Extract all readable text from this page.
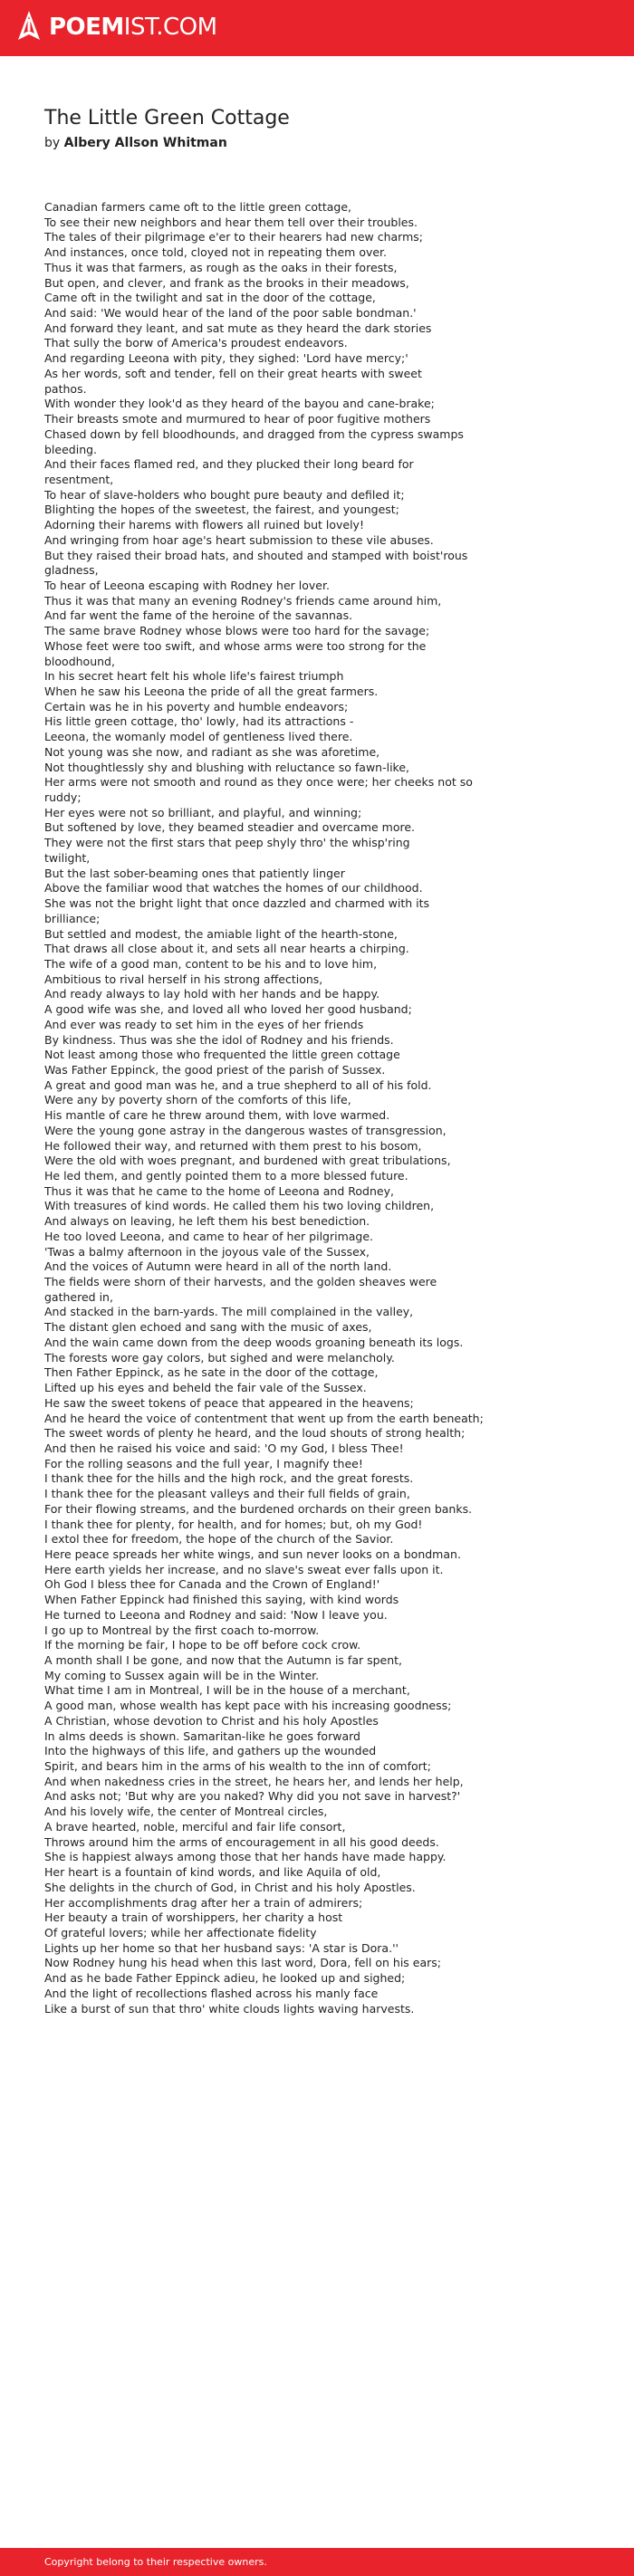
POEMIST.COM
The Little Green Cottage
by Albery Allson Whitman
Canadian farmers came oft to the little green cottage,
To see their new neighbors and hear them tell over their troubles.
The tales of their pilgrimage e'er to their hearers had new charms;
And instances, once told, cloyed not in repeating them over.
Thus it was that farmers, as rough as the oaks in their forests,
But open, and clever, and frank as the brooks in their meadows,
Came oft in the twilight and sat in the door of the cottage,
And said: 'We would hear of the land of the poor sable bondman.'
And forward they leant, and sat mute as they heard the dark stories
That sully the borw of America's proudest endeavors.
And regarding Leeona with pity, they sighed: 'Lord have mercy;'
As her words, soft and tender, fell on their great hearts with sweet
pathos.
With wonder they look'd as they heard of the bayou and cane-brake;
Their breasts smote and murmured to hear of poor fugitive mothers
Chased down by fell bloodhounds, and dragged from the cypress swamps
bleeding.
And their faces flamed red, and they plucked their long beard for
resentment,
To hear of slave-holders who bought pure beauty and defiled it;
Blighting the hopes of the sweetest, the fairest, and youngest;
Adorning their harems with flowers all ruined but lovely!
And wringing from hoar age's heart submission to these vile abuses.
But they raised their broad hats, and shouted and stamped with boist'rous
gladness,
To hear of Leeona escaping with Rodney her lover.
Thus it was that many an evening Rodney's friends came around him,
And far went the fame of the heroine of the savannas.
The same brave Rodney whose blows were too hard for the savage;
Whose feet were too swift, and whose arms were too strong for the
bloodhound,
In his secret heart felt his whole life's fairest triumph
When he saw his Leeona the pride of all the great farmers.
Certain was he in his poverty and humble endeavors;
His little green cottage, tho' lowly, had its attractions -
Leeona, the womanly model of gentleness lived there.
Not young was she now, and radiant as she was aforetime,
Not thoughtlessly shy and blushing with reluctance so fawn-like,
Her arms were not smooth and round as they once were; her cheeks not so
ruddy;
Her eyes were not so brilliant, and playful, and winning;
But softened by love, they beamed steadier and overcame more.
They were not the first stars that peep shyly thro' the whisp'ring
twilight,
But the last sober-beaming ones that patiently linger
Above the familiar wood that watches the homes of our childhood.
She was not the bright light that once dazzled and charmed with its
brilliance;
But settled and modest, the amiable light of the hearth-stone,
That draws all close about it, and sets all near hearts a chirping.
The wife of a good man, content to be his and to love him,
Ambitious to rival herself in his strong affections,
And ready always to lay hold with her hands and be happy.
A good wife was she, and loved all who loved her good husband;
And ever was ready to set him in the eyes of her friends
By kindness. Thus was she the idol of Rodney and his friends.
Not least among those who frequented the little green cottage
Was Father Eppinck, the good priest of the parish of Sussex.
A great and good man was he, and a true shepherd to all of his fold.
Were any by poverty shorn of the comforts of this life,
His mantle of care he threw around them, with love warmed.
Were the young gone astray in the dangerous wastes of transgression,
He followed their way, and returned with them prest to his bosom,
Were the old with woes pregnant, and burdened with great tribulations,
He led them, and gently pointed them to a more blessed future.
Thus it was that he came to the home of Leeona and Rodney,
With treasures of kind words. He called them his two loving children,
And always on leaving, he left them his best benediction.
He too loved Leeona, and came to hear of her pilgrimage.
'Twas a balmy afternoon in the joyous vale of the Sussex,
And the voices of Autumn were heard in all of the north land.
The fields were shorn of their harvests, and the golden sheaves were
gathered in,
And stacked in the barn-yards. The mill complained in the valley,
The distant glen echoed and sang with the music of axes,
And the wain came down from the deep woods groaning beneath its logs.
The forests wore gay colors, but sighed and were melancholy.
Then Father Eppinck, as he sate in the door of the cottage,
Lifted up his eyes and beheld the fair vale of the Sussex.
He saw the sweet tokens of peace that appeared in the heavens;
And he heard the voice of contentment that went up from the earth beneath;
The sweet words of plenty he heard, and the loud shouts of strong health;
And then he raised his voice and said: 'O my God, I bless Thee!
For the rolling seasons and the full year, I magnify thee!
I thank thee for the hills and the high rock, and the great forests.
I thank thee for the pleasant valleys and their full fields of grain,
For their flowing streams, and the burdened orchards on their green banks.
I thank thee for plenty, for health, and for homes; but, oh my God!
I extol thee for freedom, the hope of the church of the Savior.
Here peace spreads her white wings, and sun never looks on a bondman.
Here earth yields her increase, and no slave's sweat ever falls upon it.
Oh God I bless thee for Canada and the Crown of England!'
When Father Eppinck had finished this saying, with kind words
He turned to Leeona and Rodney and said: 'Now I leave you.
I go up to Montreal by the first coach to-morrow.
If the morning be fair, I hope to be off before cock crow.
A month shall I be gone, and now that the Autumn is far spent,
My coming to Sussex again will be in the Winter.
What time I am in Montreal, I will be in the house of a merchant,
A good man, whose wealth has kept pace with his increasing goodness;
A Christian, whose devotion to Christ and his holy Apostles
In alms deeds is shown. Samaritan-like he goes forward
Into the highways of this life, and gathers up the wounded
Spirit, and bears him in the arms of his wealth to the inn of comfort;
And when nakedness cries in the street, he hears her, and lends her help,
And asks not; 'But why are you naked? Why did you not save in harvest?'
And his lovely wife, the center of Montreal circles,
A brave hearted, noble, merciful and fair life consort,
Throws around him the arms of encouragement in all his good deeds.
She is happiest always among those that her hands have made happy.
Her heart is a fountain of kind words, and like Aquila of old,
She delights in the church of God, in Christ and his holy Apostles.
Her accomplishments drag after her a train of admirers;
Her beauty a train of worshippers, her charity a host
Of grateful lovers; while her affectionate fidelity
Lights up her home so that her husband says: 'A star is Dora.''
Now Rodney hung his head when this last word, Dora, fell on his ears;
And as he bade Father Eppinck adieu, he looked up and sighed;
And the light of recollections flashed across his manly face
Like a burst of sun that thro' white clouds lights waving harvests.
Copyright belong to their respective owners.
